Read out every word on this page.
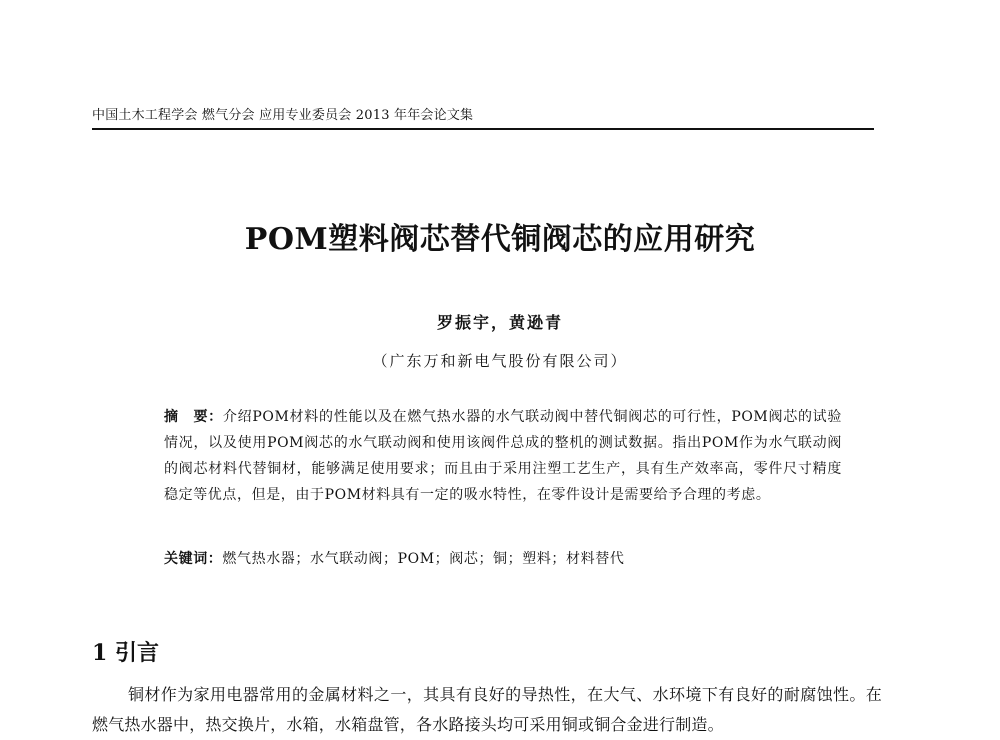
中国土木工程学会 燃气分会 应用专业委员会 2013 年年会论文集
POM塑料阀芯替代铜阀芯的应用研究
罗振宇，黄逊青
（广东万和新电气股份有限公司）

摘　要：介绍POM材料的性能以及在燃气热水器的水气联动阀中替代铜阀芯的可行性，POM阀芯的试验情况，以及使用POM阀芯的水气联动阀和使用该阀件总成的整机的测试数据。指出POM作为水气联动阀的阀芯材料代替铜材，能够满足使用要求；而且由于采用注塑工艺生产，具有生产效率高，零件尺寸精度稳定等优点，但是，由于POM材料具有一定的吸水特性，在零件设计是需要给予合理的考虑。

关键词：燃气热水器；水气联动阀；POM；阀芯；铜；塑料；材料替代
1 引言

铜材作为家用电器常用的金属材料之一，其具有良好的导热性，在大气、水环境下有良好的耐腐蚀性。在燃气热水器中，热交换片，水箱，水箱盘管，各水路接头均可采用铜或铜合金进行制造。
